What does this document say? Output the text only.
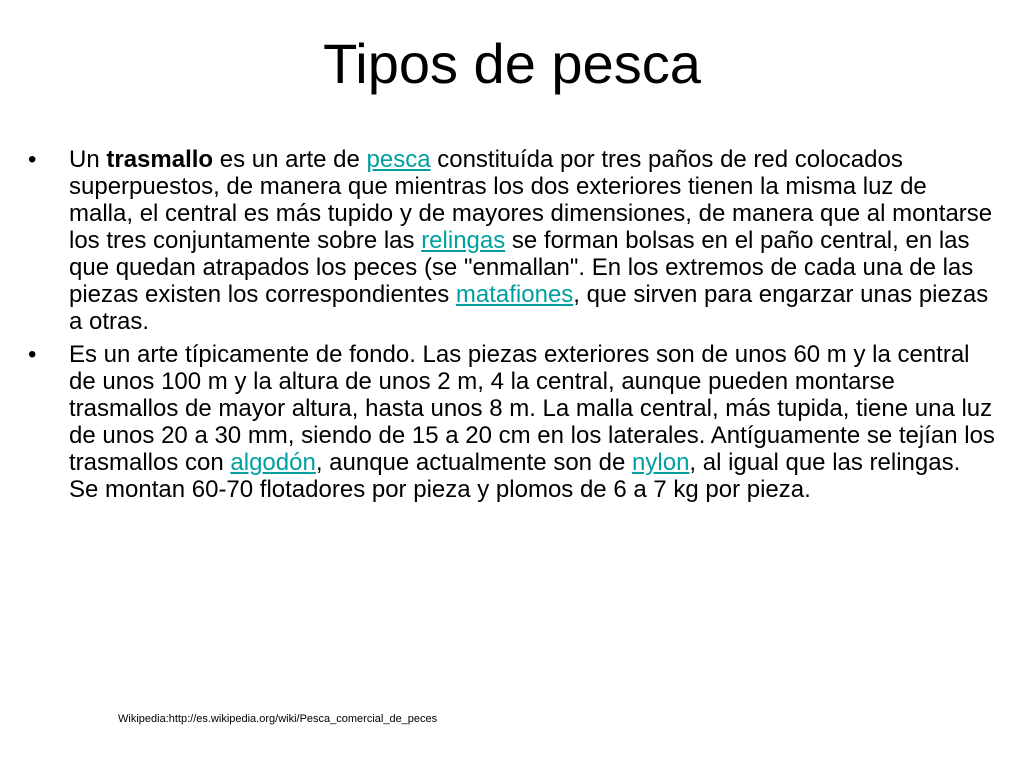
Tipos de pesca
•	Un trasmallo es un arte de pesca constituída por tres paños de red colocados superpuestos, de manera que mientras los dos exteriores tienen la misma luz de malla, el central es más tupido y de mayores dimensiones, de manera que al montarse los tres conjuntamente sobre las relingas se forman bolsas en el paño central, en las que quedan atrapados los peces (se "enmallan". En los extremos de cada una de las piezas existen los correspondientes matafiones, que sirven para engarzar unas piezas a otras.
•	Es un arte típicamente de fondo. Las piezas exteriores son de unos 60 m y la central de unos 100 m y la altura de unos 2 m, 4 la central, aunque pueden montarse trasmallos de mayor altura, hasta unos 8 m. La malla central, más tupida, tiene una luz de unos 20 a 30 mm, siendo de 15 a 20 cm en los laterales. Antíguamente se tejían los trasmallos con algodón, aunque actualmente son de nylon, al igual que las relingas. Se montan 60-70 flotadores por pieza y plomos de 6 a 7 kg por pieza.
Wikipedia:http://es.wikipedia.org/wiki/Pesca_comercial_de_peces
